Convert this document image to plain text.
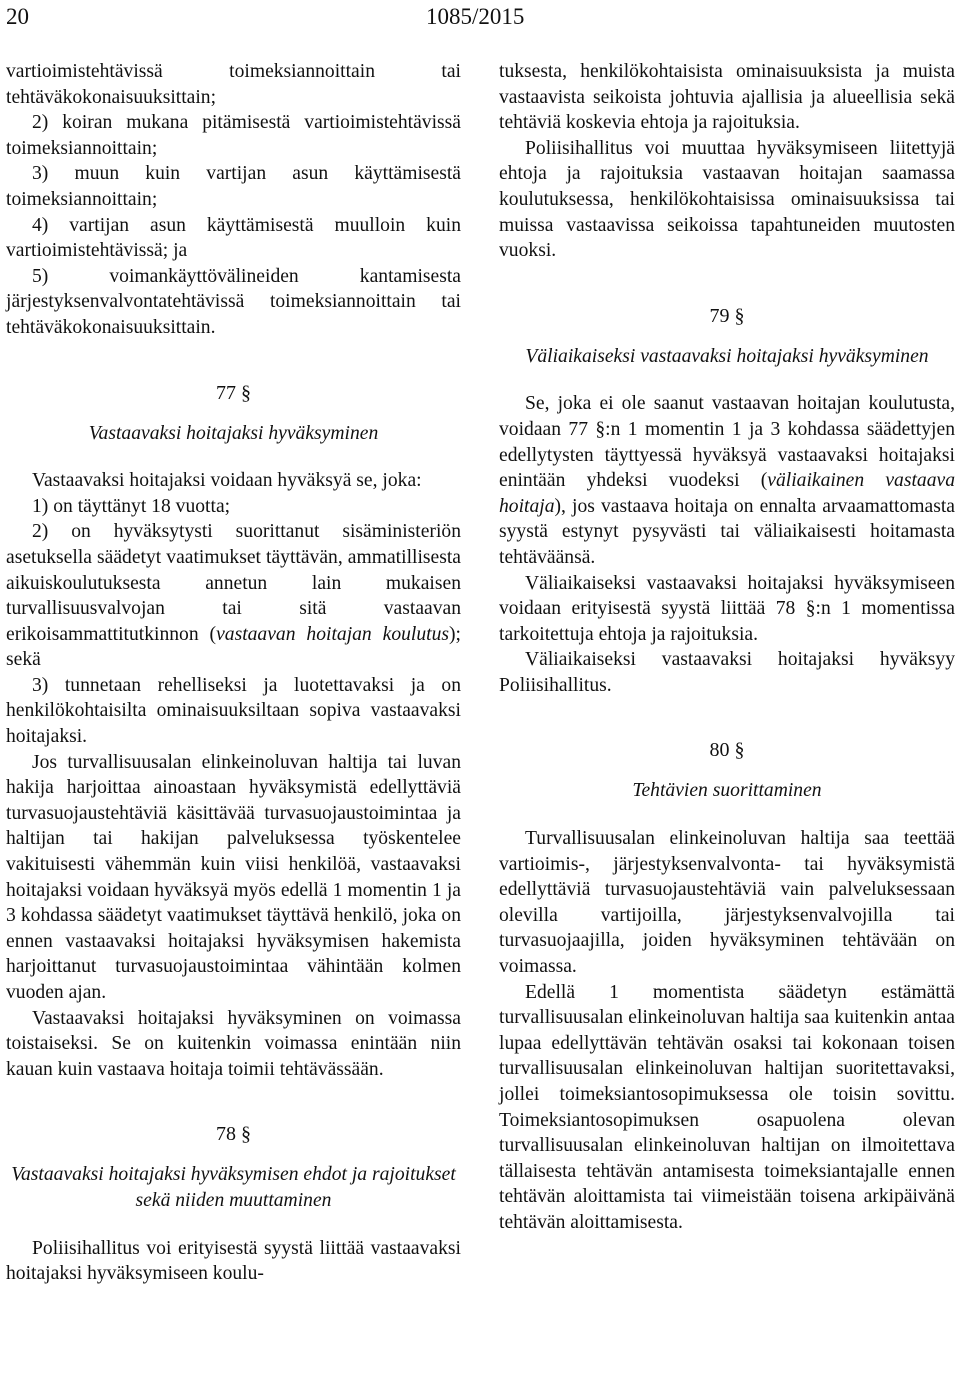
20	1085/2015

vartioimistehtävissä toimeksiannoittain tai tehtäväkokonaisuuksittain;

2) koiran mukana pitämisestä vartioimistehtävissä toimeksiannoittain;

3) muun kuin vartijan asun käyttämisestä toimeksiannoittain;

4) vartijan asun käyttämisestä muulloin kuin vartioimistehtävissä; ja

5) voimankäyttövälineiden kantamisesta järjestyksenvalvontatehtävissä toimeksiannoittain tai tehtäväkokonaisuuksittain.

77 §
Vastaavaksi hoitajaksi hyväksyminen

Vastaavaksi hoitajaksi voidaan hyväksyä se, joka:

1) on täyttänyt 18 vuotta;

2) on hyväksytysti suorittanut sisäministeriön asetuksella säädetyt vaatimukset täyttävän, ammatillisesta aikuiskoulutuksesta annetun lain mukaisen turvallisuusvalvojan tai sitä vastaavan erikoisammattitutkinnon (vastaavan hoitajan koulutus); sekä

3) tunnetaan rehelliseksi ja luotettavaksi ja on henkilökohtaisilta ominaisuuksiltaan sopiva vastaavaksi hoitajaksi.

Jos turvallisuusalan elinkeinoluvan haltija tai luvan hakija harjoittaa ainoastaan hyväksymistä edellyttäviä turvasuojaustehtäviä käsittävää turvasuojaustoimintaa ja haltijan tai hakijan palveluksessa työskentelee vakituisesti vähemmän kuin viisi henkilöä, vastaavaksi hoitajaksi voidaan hyväksyä myös edellä 1 momentin 1 ja 3 kohdassa säädetyt vaatimukset täyttävä henkilö, joka on ennen vastaavaksi hoitajaksi hyväksymisen hakemista harjoittanut turvasuojaustoimintaa vähintään kolmen vuoden ajan.

Vastaavaksi hoitajaksi hyväksyminen on voimassa toistaiseksi. Se on kuitenkin voimassa enintään niin kauan kuin vastaava hoitaja toimii tehtävässään.

78 §
Vastaavaksi hoitajaksi hyväksymisen ehdot ja rajoitukset sekä niiden muuttaminen

Poliisihallitus voi erityisestä syystä liittää vastaavaksi hoitajaksi hyväksymiseen koulu-

tuksesta, henkilökohtaisista ominaisuuksista ja muista vastaavista seikoista johtuvia ajallisia ja alueellisia sekä tehtäviä koskevia ehtoja ja rajoituksia.

Poliisihallitus voi muuttaa hyväksymiseen liitettyjä ehtoja ja rajoituksia vastaavan hoitajan saamassa koulutuksessa, henkilökohtaisissa ominaisuuksissa tai muissa vastaavissa seikoissa tapahtuneiden muutosten vuoksi.

79 §
Väliaikaiseksi vastaavaksi hoitajaksi hyväksyminen

Se, joka ei ole saanut vastaavan hoitajan koulutusta, voidaan 77 §:n 1 momentin 1 ja 3 kohdassa säädettyjen edellytysten täyttyessä hyväksyä vastaavaksi hoitajaksi enintään yhdeksi vuodeksi (väliaikainen vastaava hoitaja), jos vastaava hoitaja on ennalta arvaamattomasta syystä estynyt pysyvästi tai väliaikaisesti hoitamasta tehtäväänsä.

Väliaikaiseksi vastaavaksi hoitajaksi hyväksymiseen voidaan erityisestä syystä liittää 78 §:n 1 momentissa tarkoitettuja ehtoja ja rajoituksia.

Väliaikaiseksi vastaavaksi hoitajaksi hyväksyy Poliisihallitus.

80 §
Tehtävien suorittaminen

Turvallisuusalan elinkeinoluvan haltija saa teettää vartioimis-, järjestyksenvalvonta- tai hyväksymistä edellyttäviä turvasuojaustehtäviä vain palveluksessaan olevilla vartijoilla, järjestyksenvalvojilla tai turvasuojaajilla, joiden hyväksyminen tehtävään on voimassa.

Edellä 1 momentista säädetyn estämättä turvallisuusalan elinkeinoluvan haltija saa kuitenkin antaa lupaa edellyttävän tehtävän osaksi tai kokonaan toisen turvallisuusalan elinkeinoluvan haltijan suoritettavaksi, jollei toimeksiantosopimuksessa ole toisin sovittu. Toimeksiantosopimuksen osapuolena olevan turvallisuusalan elinkeinoluvan haltijan on ilmoitettava tällaisesta tehtävän antamisesta toimeksiantajalle ennen tehtävän aloittamista tai viimeistään toisena arkipäivänä tehtävän aloittamisesta.
